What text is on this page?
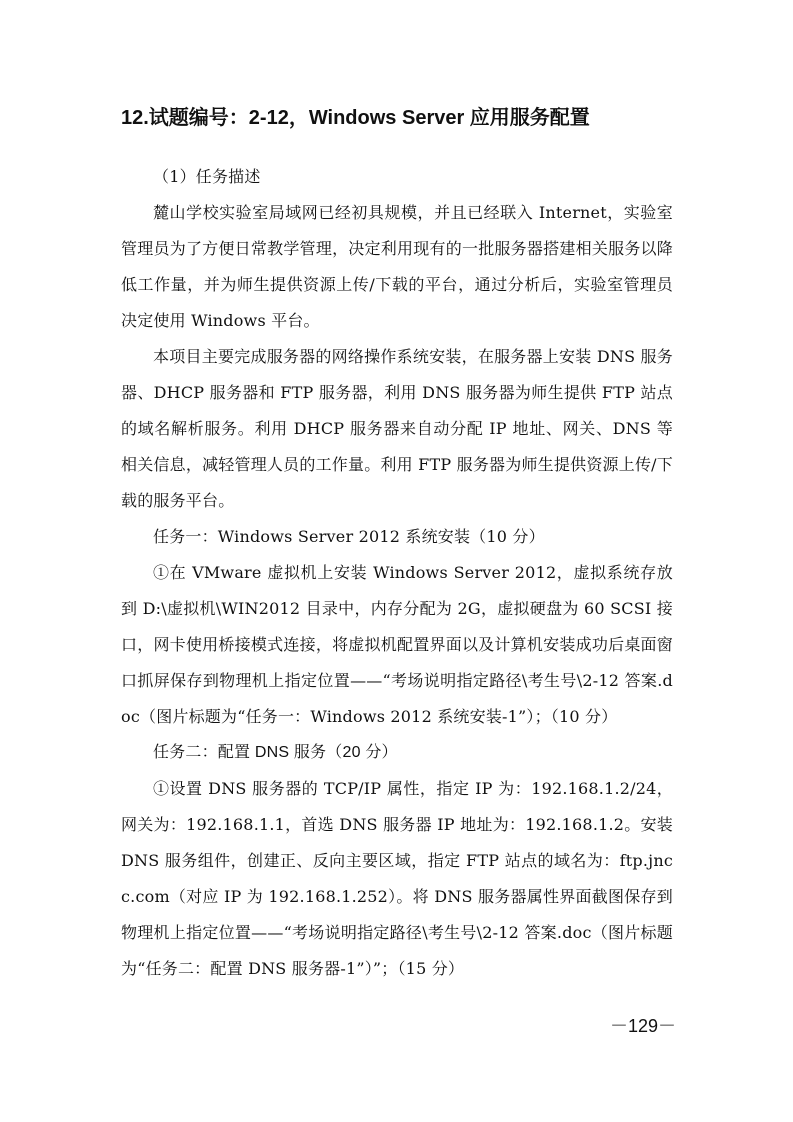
12.试题编号：2-12，Windows Server 应用服务配置

（1）任务描述

麓山学校实验室局域网已经初具规模，并且已经联入 Internet，实验室管理员为了方便日常教学管理，决定利用现有的一批服务器搭建相关服务以降低工作量，并为师生提供资源上传/下载的平台，通过分析后，实验室管理员决定使用 Windows 平台。

本项目主要完成服务器的网络操作系统安装，在服务器上安装 DNS 服务器、DHCP 服务器和 FTP 服务器，利用 DNS 服务器为师生提供 FTP 站点的域名解析服务。利用 DHCP 服务器来自动分配 IP 地址、网关、DNS 等相关信息，减轻管理人员的工作量。利用 FTP 服务器为师生提供资源上传/下载的服务平台。

任务一：Windows Server 2012 系统安装（10 分）

①在 VMware 虚拟机上安装 Windows Server 2012，虚拟系统存放到 D:\虚拟机\WIN2012 目录中，内存分配为 2G，虚拟硬盘为 60 SCSI 接口，网卡使用桥接模式连接，将虚拟机配置界面以及计算机安装成功后桌面窗口抓屏保存到物理机上指定位置——“考场说明指定路径\考生号\2-12 答案.doc（图片标题为“任务一：Windows 2012 系统安装-1”）；（10 分）

任务二：配置 DNS 服务（20 分）

①设置 DNS 服务器的 TCP/IP 属性，指定 IP 为：192.168.1.2/24，网关为：192.168.1.1，首选 DNS 服务器 IP 地址为：192.168.1.2。安装 DNS 服务组件，创建正、反向主要区域，指定 FTP 站点的域名为：ftp.jncc.com（对应 IP 为 192.168.1.252）。将 DNS 服务器属性界面截图保存到物理机上指定位置——“考场说明指定路径\考生号\2-12 答案.doc（图片标题为“任务二：配置 DNS 服务器-1”）”；（15 分）

－129－
